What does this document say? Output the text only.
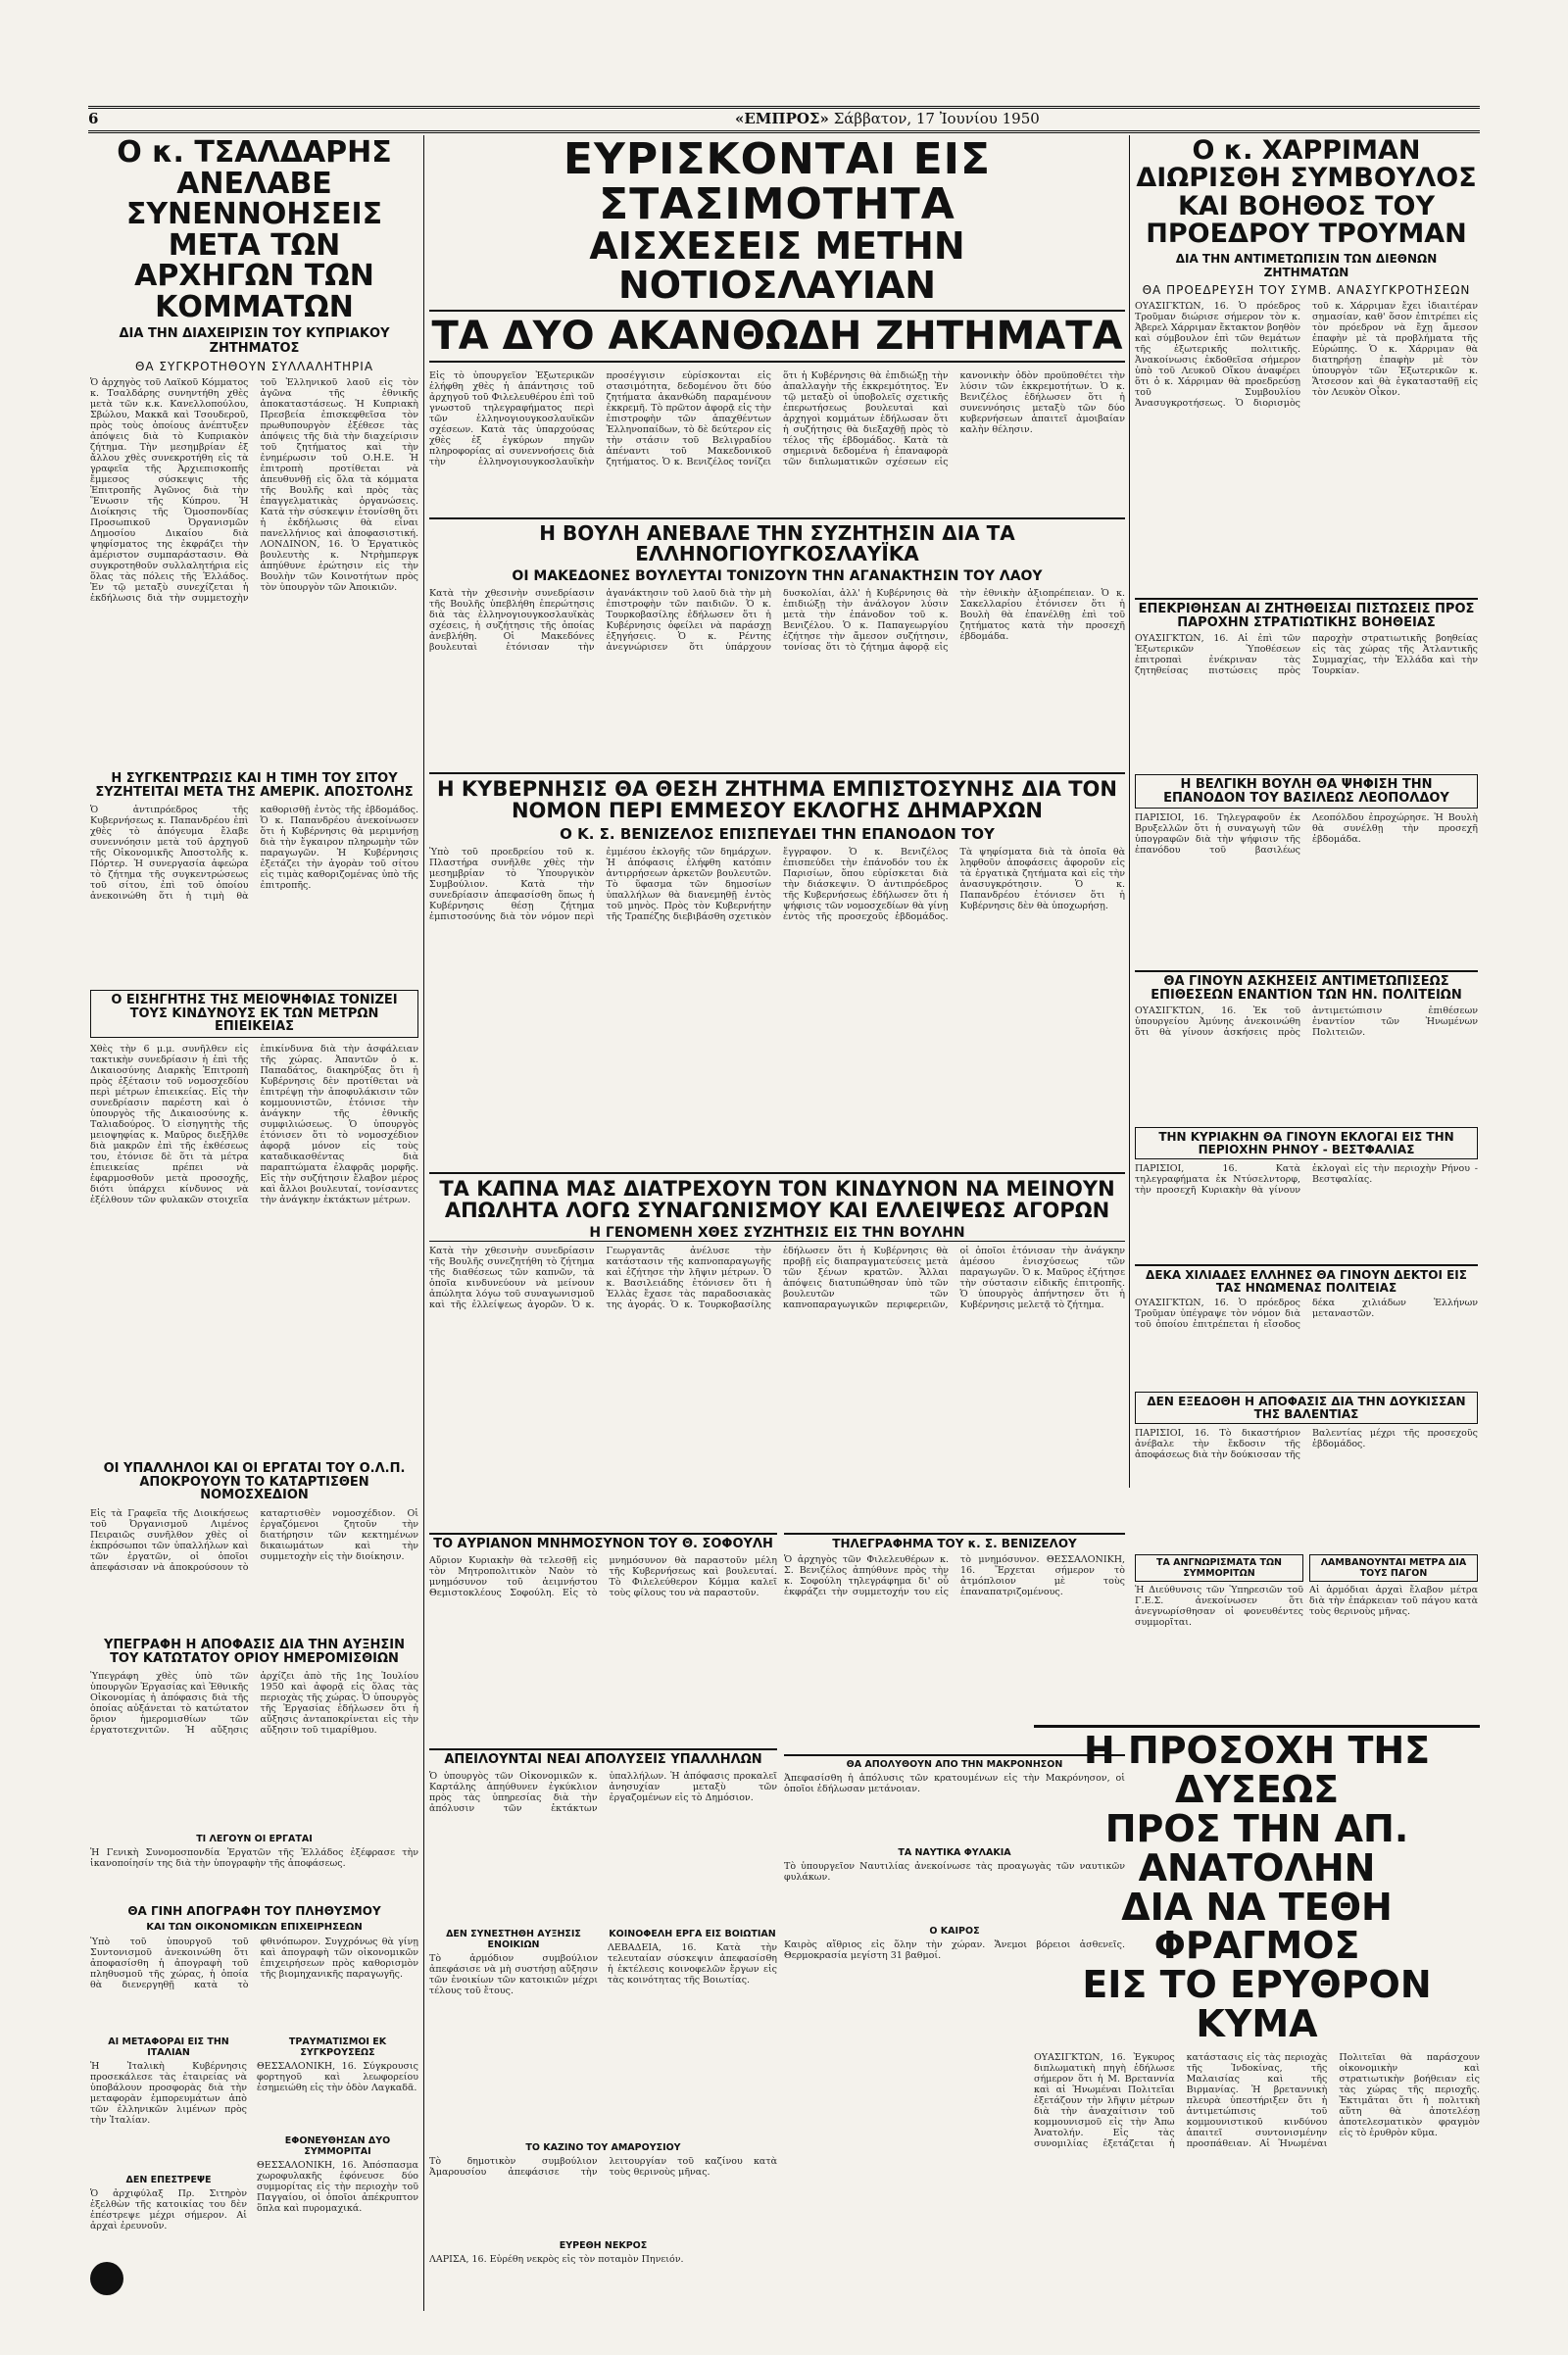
6	«ΕΜΠΡΟΣ» Σάββατον, 17 Ἰουνίου 1950
Ο κ. ΤΣΑΛΔΑΡΗΣ ΑΝΕΛΑΒΕ ΣΥΝΕΝΝΟΗΣΕΙΣ ΜΕΤΑ ΤΩΝ ΑΡΧΗΓΩΝ ΤΩΝ ΚΟΜΜΑΤΩΝ
ΔΙΑ ΤΗΝ ΔΙΑΧΕΙΡΙΣΙΝ ΤΟΥ ΚΥΠΡΙΑΚΟΥ ΖΗΤΗΜΑΤΟΣ
ΘΑ ΣΥΓΚΡΟΤΗΘΟΥΝ ΣΥΛΛΑΛΗΤΗΡΙΑ

Ὁ ἀρχηγὸς τοῦ Λαϊκοῦ Κόμματος κ. Τσαλδάρης συνηντήθη χθὲς μετὰ τῶν κ.κ. Κανελλοπούλου, Σβώλου, Μακκᾶ καὶ Τσουδεροῦ, πρὸς τοὺς ὁποίους ἀνέπτυξεν ἀπόψεις διὰ τὸ Κυπριακὸν ζήτημα. Τὴν μεσημβρίαν ἐξ ἄλλου χθὲς συνεκροτήθη εἰς τὰ γραφεῖα τῆς Ἀρχιεπισκοπῆς ἔμμεσος σύσκεψις τῆς Ἐπιτροπῆς Ἀγῶνος διὰ τὴν Ἕνωσιν τῆς Κύπρου. Ἡ Διοίκησις τῆς Ὁμοσπονδίας Προσωπικοῦ Ὀργανισμῶν Δημοσίου Δικαίου διὰ ψηφίσματος της ἐκφράζει τὴν ἀμέριστον συμπαράστασιν. Θὰ συγκροτηθοῦν συλλαλητήρια εἰς ὅλας τὰς πόλεις τῆς Ἑλλάδος. Ἐν τῷ μεταξὺ συνεχίζεται ἡ ἐκδήλωσις διὰ τὴν συμμετοχὴν τοῦ Ἑλληνικοῦ λαοῦ εἰς τὸν ἀγῶνα τῆς ἐθνικῆς ἀποκαταστάσεως. Ἡ Κυπριακὴ Πρεσβεία ἐπισκεφθεῖσα τὸν πρωθυπουργὸν ἐξέθεσε τὰς ἀπόψεις τῆς διὰ τὴν διαχείρισιν τοῦ ζητήματος καὶ τὴν ἐνημέρωσιν τοῦ Ο.Η.Ε. Ἡ ἐπιτροπὴ προτίθεται νὰ ἀπευθυνθῇ εἰς ὅλα τὰ κόμματα τῆς Βουλῆς καὶ πρὸς τὰς ἐπαγγελματικὰς ὀργανώσεις. Κατὰ τὴν σύσκεψιν ἐτονίσθη ὅτι ἡ ἐκδήλωσις θὰ εἶναι πανελλήνιος καὶ ἀποφασιστική. ΛΟΝΔΙΝΟΝ, 16. Ὁ Ἐργατικὸς βουλευτὴς κ. Ντρὴμπεργκ ἀπηύθυνε ἐρώτησιν εἰς τὴν Βουλὴν τῶν Κοινοτήτων πρὸς τὸν ὑπουργὸν τῶν Ἀποικιῶν.

Η ΣΥΓΚΕΝΤΡΩΣΙΣ ΚΑΙ Η ΤΙΜΗ ΤΟΥ ΣΙΤΟΥ ΣΥΖΗΤΕΙΤΑΙ ΜΕΤΑ ΤΗΣ ΑΜΕΡΙΚ. ΑΠΟΣΤΟΛΗΣ

Ὁ ἀντιπρόεδρος τῆς Κυβερνήσεως κ. Παπανδρέου ἐπὶ χθὲς τὸ ἀπόγευμα ἔλαβε συνεννόησιν μετὰ τοῦ ἀρχηγοῦ τῆς Οἰκονομικῆς Ἀποστολῆς κ. Πόρτερ. Ἡ συνεργασία ἀφεώρα τὸ ζήτημα τῆς συγκεντρώσεως τοῦ σίτου, ἐπὶ τοῦ ὁποίου ἀνεκοινώθη ὅτι ἡ τιμὴ θὰ καθορισθῇ ἐντὸς τῆς ἑβδομάδος. Ὁ κ. Παπανδρέου ἀνεκοίνωσεν ὅτι ἡ Κυβέρνησις θὰ μεριμνήσῃ διὰ τὴν ἔγκαιρον πληρωμὴν τῶν παραγωγῶν. Ἡ Κυβέρνησις ἐξετάζει τὴν ἀγορὰν τοῦ σίτου εἰς τιμὰς καθοριζομένας ὑπὸ τῆς ἐπιτροπῆς.

Ο ΕΙΣΗΓΗΤΗΣ ΤΗΣ ΜΕΙΟΨΗΦΙΑΣ ΤΟΝΙΖΕΙ ΤΟΥΣ ΚΙΝΔΥΝΟΥΣ ΕΚ ΤΩΝ ΜΕΤΡΩΝ ΕΠΙΕΙΚΕΙΑΣ

Χθὲς τὴν 6 μ.μ. συνῆλθεν εἰς τακτικὴν συνεδρίασιν ἡ ἐπὶ τῆς Δικαιοσύνης Διαρκὴς Ἐπιτροπὴ πρὸς ἐξέτασιν τοῦ νομοσχεδίου περὶ μέτρων ἐπιεικείας. Εἰς τὴν συνεδρίασιν παρέστη καὶ ὁ ὑπουργὸς τῆς Δικαιοσύνης κ. Ταλιαδούρος. Ὁ εἰσηγητὴς τῆς μειοψηφίας κ. Μαῦρος διεξῆλθε διὰ μακρῶν ἐπὶ τῆς ἐκθέσεως του, ἐτόνισε δὲ ὅτι τὰ μέτρα ἐπιεικείας πρέπει νὰ ἐφαρμοσθοῦν μετὰ προσοχῆς, διότι ὑπάρχει κίνδυνος νὰ ἐξέλθουν τῶν φυλακῶν στοιχεῖα ἐπικίνδυνα διὰ τὴν ἀσφάλειαν τῆς χώρας. Ἀπαντῶν ὁ κ. Παπαδάτος, διακηρύξας ὅτι ἡ Κυβέρνησις δὲν προτίθεται νὰ ἐπιτρέψῃ τὴν ἀποφυλάκισιν τῶν κομμουνιστῶν, ἐτόνισε τὴν ἀνάγκην τῆς ἐθνικῆς συμφιλιώσεως. Ὁ ὑπουργὸς ἐτόνισεν ὅτι τὸ νομοσχέδιον ἀφορᾷ μόνον εἰς τοὺς καταδικασθέντας διὰ παραπτώματα ἐλαφρᾶς μορφῆς. Εἰς τὴν συζήτησιν ἔλαβον μέρος καὶ ἄλλοι βουλευταί, τονίσαντες τὴν ἀνάγκην ἐκτάκτων μέτρων.

ΟΙ ΥΠΑΛΛΗΛΟΙ ΚΑΙ ΟΙ ΕΡΓΑΤΑΙ ΤΟΥ Ο.Λ.Π. ΑΠΟΚΡΟΥΟΥΝ ΤΟ ΚΑΤΑΡΤΙΣΘΕΝ ΝΟΜΟΣΧΕΔΙΟΝ

Εἰς τὰ Γραφεῖα τῆς Διοικήσεως τοῦ Ὀργανισμοῦ Λιμένος Πειραιῶς συνῆλθον χθὲς οἱ ἐκπρόσωποι τῶν ὑπαλλήλων καὶ τῶν ἐργατῶν, οἱ ὁποῖοι ἀπεφάσισαν νὰ ἀποκρούσουν τὸ καταρτισθὲν νομοσχέδιον. Οἱ ἐργαζόμενοι ζητοῦν τὴν διατήρησιν τῶν κεκτημένων δικαιωμάτων καὶ τὴν συμμετοχὴν εἰς τὴν διοίκησιν.

ΥΠΕΓΡΑΦΗ Η ΑΠΟΦΑΣΙΣ ΔΙΑ ΤΗΝ ΑΥΞΗΣΙΝ ΤΟΥ ΚΑΤΩΤΑΤΟΥ ΟΡΙΟΥ ΗΜΕΡΟΜΙΣΘΙΩΝ

Ὑπεγράφη χθὲς ὑπὸ τῶν ὑπουργῶν Ἐργασίας καὶ Ἐθνικῆς Οἰκονομίας ἡ ἀπόφασις διὰ τῆς ὁποίας αὐξάνεται τὸ κατώτατον ὅριον ἡμερομισθίων τῶν ἐργατοτεχνιτῶν. Ἡ αὔξησις ἀρχίζει ἀπὸ τῆς 1ης Ἰουλίου 1950 καὶ ἀφορᾷ εἰς ὅλας τὰς περιοχὰς τῆς χώρας. Ὁ ὑπουργὸς τῆς Ἐργασίας ἐδήλωσεν ὅτι ἡ αὔξησις ἀνταποκρίνεται εἰς τὴν αὔξησιν τοῦ τιμαρίθμου.

ΤΙ ΛΕΓΟΥΝ ΟΙ ΕΡΓΑΤΑΙ

Ἡ Γενικὴ Συνομοσπονδία Ἐργατῶν τῆς Ἑλλάδος ἐξέφρασε τὴν ἱκανοποίησίν της διὰ τὴν ὑπογραφὴν τῆς ἀποφάσεως.

ΘΑ ΓΙΝΗ ΑΠΟΓΡΑΦΗ ΤΟΥ ΠΛΗΘΥΣΜΟΥ
ΚΑΙ ΤΩΝ ΟΙΚΟΝΟΜΙΚΩΝ ΕΠΙΧΕΙΡΗΣΕΩΝ

Ὑπὸ τοῦ ὑπουργοῦ τοῦ Συντονισμοῦ ἀνεκοινώθη ὅτι ἀποφασίσθη ἡ ἀπογραφὴ τοῦ πληθυσμοῦ τῆς χώρας, ἡ ὁποία θὰ διενεργηθῇ κατὰ τὸ φθινόπωρον. Συγχρόνως θὰ γίνῃ καὶ ἀπογραφὴ τῶν οἰκονομικῶν ἐπιχειρήσεων πρὸς καθορισμὸν τῆς βιομηχανικῆς παραγωγῆς.

ΑΙ ΜΕΤΑΦΟΡΑΙ ΕΙΣ ΤΗΝ ΙΤΑΛΙΑΝ

Ἡ Ἰταλικὴ Κυβέρνησις προσεκάλεσε τὰς ἐταιρείας νὰ ὑποβάλουν προσφορὰς διὰ τὴν μεταφορὰν ἐμπορευμάτων ἀπὸ τῶν ἑλληνικῶν λιμένων πρὸς τὴν Ἰταλίαν.

ΔΕΝ ΕΠΕΣΤΡΕΨΕ

Ὁ ἀρχιφύλαξ Πρ. Σιτηρὸν ἐξελθὼν τῆς κατοικίας του δὲν ἐπέστρεψε μέχρι σήμερον. Αἱ ἀρχαὶ ἐρευνοῦν.

ΤΡΑΥΜΑΤΙΣΜΟΙ ΕΚ ΣΥΓΚΡΟΥΣΕΩΣ

ΘΕΣΣΑΛΟΝΙΚΗ, 16. Σύγκρουσις φορτηγοῦ καὶ λεωφορείου ἐσημειώθη εἰς τὴν ὁδὸν Λαγκαδᾶ.

ΕΦΟΝΕΥΘΗΣΑΝ ΔΥΟ ΣΥΜΜΟΡΙΤΑΙ

ΘΕΣΣΑΛΟΝΙΚΗ, 16. Ἀπόσπασμα χωροφυλακῆς ἐφόνευσε δύο συμμορίτας εἰς τὴν περιοχὴν τοῦ Παγγαίου, οἱ ὁποῖοι ἀπέκρυπτον ὅπλα καὶ πυρομαχικά.

ΕΥΡΙΣΚΟΝΤΑΙ ΕΙΣ ΣΤΑΣΙΜΟΤΗΤΑ
ΑΙΣΧΕΣΕΙΣ ΜΕΤΗΝ ΝΟΤΙΟΣΛΑΥΙΑΝ
ΤΑ ΔΥΟ ΑΚΑΝΘΩΔΗ ΖΗΤΗΜΑΤΑ

Εἰς τὸ ὑπουργεῖον Ἐξωτερικῶν ἐλήφθη χθὲς ἡ ἀπάντησις τοῦ ἀρχηγοῦ τοῦ Φιλελευθέρου ἐπὶ τοῦ γνωστοῦ τηλεγραφήματος περὶ τῶν ἑλληνογιουγκοσλαυϊκῶν σχέσεων. Κατὰ τὰς ὑπαρχούσας χθὲς ἐξ ἐγκύρων πηγῶν πληροφορίας αἱ συνεννοήσεις διὰ τὴν ἑλληνογιουγκοσλαυϊκὴν προσέγγισιν εὑρίσκονται εἰς στασιμότητα, δεδομένου ὅτι δύο ζητήματα ἀκανθώδη παραμένουν ἐκκρεμῆ. Τὸ πρῶτον ἀφορᾷ εἰς τὴν ἐπιστροφὴν τῶν ἀπαχθέντων Ἑλληνοπαίδων, τὸ δὲ δεύτερον εἰς τὴν στάσιν τοῦ Βελιγραδίου ἀπέναντι τοῦ Μακεδονικοῦ ζητήματος. Ὁ κ. Βενιζέλος τονίζει ὅτι ἡ Κυβέρνησις θὰ ἐπιδιώξῃ τὴν ἀπαλλαγὴν τῆς ἐκκρεμότητος. Ἐν τῷ μεταξὺ οἱ ὑποβολεῖς σχετικῆς ἐπερωτήσεως βουλευταὶ καὶ ἀρχηγοὶ κομμάτων ἐδήλωσαν ὅτι ἡ συζήτησις θὰ διεξαχθῇ πρὸς τὸ τέλος τῆς ἑβδομάδος. Κατὰ τὰ σημερινὰ δεδομένα ἡ ἐπαναφορὰ τῶν διπλωματικῶν σχέσεων εἰς κανονικὴν ὁδὸν προϋποθέτει τὴν λύσιν τῶν ἐκκρεμοτήτων. Ὁ κ. Βενιζέλος ἐδήλωσεν ὅτι ἡ συνεννόησις μεταξὺ τῶν δύο κυβερνήσεων ἀπαιτεῖ ἀμοιβαίαν καλὴν θέλησιν.

Η ΒΟΥΛΗ ΑΝΕΒΑΛΕ ΤΗΝ ΣΥΖΗΤΗΣΙΝ ΔΙΑ ΤΑ ΕΛΛΗΝΟΓΙΟΥΓΚΟΣΛΑΥΪΚΑ
ΟΙ ΜΑΚΕΔΟΝΕΣ ΒΟΥΛΕΥΤΑΙ ΤΟΝΙΖΟΥΝ ΤΗΝ ΑΓΑΝΑΚΤΗΣΙΝ ΤΟΥ ΛΑΟΥ

Κατὰ τὴν χθεσινὴν συνεδρίασιν τῆς Βουλῆς ὑπεβλήθη ἐπερώτησις διὰ τὰς ἑλληνογιουγκοσλαυϊκὰς σχέσεις, ἡ συζήτησις τῆς ὁποίας ἀνεβλήθη. Οἱ Μακεδόνες βουλευταὶ ἐτόνισαν τὴν ἀγανάκτησιν τοῦ λαοῦ διὰ τὴν μὴ ἐπιστροφὴν τῶν παιδιῶν. Ὁ κ. Τουρκοβασίλης ἐδήλωσεν ὅτι ἡ Κυβέρνησις ὀφείλει νὰ παράσχῃ ἐξηγήσεις. Ὁ κ. Ρέντης ἀνεγνώρισεν ὅτι ὑπάρχουν δυσκολίαι, ἀλλ' ἡ Κυβέρνησις θὰ ἐπιδιώξῃ τὴν ἀνάλογον λύσιν μετὰ τὴν ἐπάνοδον τοῦ κ. Βενιζέλου. Ὁ κ. Παπαγεωργίου ἐζήτησε τὴν ἄμεσον συζήτησιν, τονίσας ὅτι τὸ ζήτημα ἀφορᾷ εἰς τὴν ἐθνικὴν ἀξιοπρέπειαν. Ὁ κ. Σακελλαρίου ἐτόνισεν ὅτι ἡ Βουλὴ θὰ ἐπανέλθῃ ἐπὶ τοῦ ζητήματος κατὰ τὴν προσεχῆ ἑβδομάδα.

Η ΚΥΒΕΡΝΗΣΙΣ ΘΑ ΘΕΣΗ ΖΗΤΗΜΑ ΕΜΠΙΣΤΟΣΥΝΗΣ ΔΙΑ ΤΟΝ ΝΟΜΟΝ ΠΕΡΙ ΕΜΜΕΣΟΥ ΕΚΛΟΓΗΣ ΔΗΜΑΡΧΩΝ
Ο Κ. Σ. ΒΕΝΙΖΕΛΟΣ ΕΠΙΣΠΕΥΔΕΙ ΤΗΝ ΕΠΑΝΟΔΟΝ ΤΟΥ

Ὑπὸ τοῦ προεδρείου τοῦ κ. Πλαστήρα συνῆλθε χθὲς τὴν μεσημβρίαν τὸ Ὑπουργικὸν Συμβούλιον. Κατὰ τὴν συνεδρίασιν ἀπεφασίσθη ὅπως ἡ Κυβέρνησις θέσῃ ζήτημα ἐμπιστοσύνης διὰ τὸν νόμον περὶ ἐμμέσου ἐκλογῆς τῶν δημάρχων. Ἡ ἀπόφασις ἐλήφθη κατόπιν ἀντιρρήσεων ἀρκετῶν βουλευτῶν. Τὸ ὕφασμα τῶν δημοσίων ὑπαλλήλων θὰ διανεμηθῇ ἐντὸς τοῦ μηνὸς. Πρὸς τὸν Κυβερνήτην τῆς Τραπέζης διεβιβάσθη σχετικὸν ἔγγραφον. Ὁ κ. Βενιζέλος ἐπισπεύδει τὴν ἐπάνοδόν του ἐκ Παρισίων, ὅπου εὑρίσκεται διὰ τὴν διάσκεψιν. Ὁ ἀντιπρόεδρος τῆς Κυβερνήσεως ἐδήλωσεν ὅτι ἡ ψήφισις τῶν νομοσχεδίων θὰ γίνῃ ἐντὸς τῆς προσεχοῦς ἑβδομάδος. Τὰ ψηφίσματα διὰ τὰ ὁποῖα θὰ ληφθοῦν ἀποφάσεις ἀφοροῦν εἰς τὰ ἐργατικὰ ζητήματα καὶ εἰς τὴν ἀνασυγκρότησιν. Ὁ κ. Παπανδρέου ἐτόνισεν ὅτι ἡ Κυβέρνησις δὲν θὰ ὑποχωρήσῃ.

ΤΑ ΚΑΠΝΑ ΜΑΣ ΔΙΑΤΡΕΧΟΥΝ ΤΟΝ ΚΙΝΔΥΝΟΝ ΝΑ ΜΕΙΝΟΥΝ ΑΠΩΛΗΤΑ ΛΟΓΩ ΣΥΝΑΓΩΝΙΣΜΟΥ ΚΑΙ ΕΛΛΕΙΨΕΩΣ ΑΓΟΡΩΝ
Η ΓΕΝΟΜΕΝΗ ΧΘΕΣ ΣΥΖΗΤΗΣΙΣ ΕΙΣ ΤΗΝ ΒΟΥΛΗΝ

Κατὰ τὴν χθεσινὴν συνεδρίασιν τῆς Βουλῆς συνεζητήθη τὸ ζήτημα τῆς διαθέσεως τῶν καπνῶν, τὰ ὁποῖα κινδυνεύουν νὰ μείνουν ἀπώλητα λόγω τοῦ συναγωνισμοῦ καὶ τῆς ἐλλείψεως ἀγορῶν. Ὁ κ. Γεωργαντᾶς ἀνέλυσε τὴν κατάστασιν τῆς καπνοπαραγωγῆς καὶ ἐζήτησε τὴν λῆψιν μέτρων. Ὁ κ. Βασιλειάδης ἐτόνισεν ὅτι ἡ Ἑλλὰς ἔχασε τὰς παραδοσιακὰς της ἀγοράς. Ὁ κ. Τουρκοβασίλης ἐδήλωσεν ὅτι ἡ Κυβέρνησις θὰ προβῇ εἰς διαπραγματεύσεις μετὰ τῶν ξένων κρατῶν. Ἄλλαι ἀπόψεις διατυπώθησαν ὑπὸ τῶν βουλευτῶν τῶν καπνοπαραγωγικῶν περιφερειῶν, οἱ ὁποῖοι ἐτόνισαν τὴν ἀνάγκην ἀμέσου ἐνισχύσεως τῶν παραγωγῶν. Ὁ κ. Μαῦρος ἐζήτησε τὴν σύστασιν εἰδικῆς ἐπιτροπῆς. Ὁ ὑπουργὸς ἀπήντησεν ὅτι ἡ Κυβέρνησις μελετᾷ τὸ ζήτημα.

ΤΟ ΑΥΡΙΑΝΟΝ ΜΝΗΜΟΣΥΝΟΝ ΤΟΥ Θ. ΣΟΦΟΥΛΗ

Αὔριον Κυριακὴν θὰ τελεσθῇ εἰς τὸν Μητροπολιτικὸν Ναὸν τὸ μνημόσυνον τοῦ ἀειμνήστου Θεμιστοκλέους Σοφούλη. Εἰς τὸ μνημόσυνον θὰ παραστοῦν μέλη τῆς Κυβερνήσεως καὶ βουλευταί. Τὸ Φιλελεύθερον Κόμμα καλεῖ τοὺς φίλους του νὰ παραστοῦν.

ΤΗΛΕΓΡΑΦΗΜΑ ΤΟΥ κ. Σ. ΒΕΝΙΖΕΛΟΥ

Ὁ ἀρχηγὸς τῶν Φιλελευθέρων κ. Σ. Βενιζέλος ἀπηύθυνε πρὸς τὴν κ. Σοφούλη τηλεγράφημα δι' οὗ ἐκφράζει τὴν συμμετοχήν του εἰς τὸ μνημόσυνον. ΘΕΣΣΑΛΟΝΙΚΗ, 16. Ἔρχεται σήμερον τὸ ἀτμόπλοιον μὲ τοὺς ἐπαναπατριζομένους.

ΑΠΕΙΛΟΥΝΤΑΙ ΝΕΑΙ ΑΠΟΛΥΣΕΙΣ ΥΠΑΛΛΗΛΩΝ

Ὁ ὑπουργὸς τῶν Οἰκονομικῶν κ. Καρτάλης ἀπηύθυνεν ἐγκύκλιον πρὸς τὰς ὑπηρεσίας διὰ τὴν ἀπόλυσιν τῶν ἐκτάκτων ὑπαλλήλων. Ἡ ἀπόφασις προκαλεῖ ἀνησυχίαν μεταξὺ τῶν ἐργαζομένων εἰς τὸ Δημόσιον.

ΔΕΝ ΣΥΝΕΣΤΗΘΗ ΑΥΞΗΣΙΣ ΕΝΟΙΚΙΩΝ

Τὸ ἁρμόδιον συμβούλιον ἀπεφάσισε νὰ μὴ συστήσῃ αὔξησιν τῶν ἐνοικίων τῶν κατοικιῶν μέχρι τέλους τοῦ ἔτους.

ΚΟΙΝΟΦΕΛΗ ΕΡΓΑ ΕΙΣ ΒΟΙΩΤΙΑΝ

ΛΕΒΑΔΕΙΑ, 16. Κατὰ τὴν τελευταίαν σύσκεψιν ἀπεφασίσθη ἡ ἐκτέλεσις κοινοφελῶν ἔργων εἰς τὰς κοινότητας τῆς Βοιωτίας.

ΤΟ ΚΑΖΙΝΟ ΤΟΥ ΑΜΑΡΟΥΣΙΟΥ

Τὸ δημοτικὸν συμβούλιον Ἀμαρουσίου ἀπεφάσισε τὴν λειτουργίαν τοῦ καζίνου κατὰ τοὺς θερινοὺς μῆνας.

ΕΥΡΕΘΗ ΝΕΚΡΟΣ

ΛΑΡΙΣΑ, 16. Εὑρέθη νεκρὸς εἰς τὸν ποταμὸν Πηνειόν.

ΘΑ ΑΠΟΛΥΘΟΥΝ ΑΠΟ ΤΗΝ ΜΑΚΡΟΝΗΣΟΝ

Ἀπεφασίσθη ἡ ἀπόλυσις τῶν κρατουμένων εἰς τὴν Μακρόνησον, οἱ ὁποῖοι ἐδήλωσαν μετάνοιαν.

ΤΑ ΝΑΥΤΙΚΑ ΦΥΛΑΚΙΑ

Τὸ ὑπουργεῖον Ναυτιλίας ἀνεκοίνωσε τὰς προαγωγὰς τῶν ναυτικῶν φυλάκων.

Ο ΚΑΙΡΟΣ

Καιρὸς αἴθριος εἰς ὅλην τὴν χώραν. Ἄνεμοι βόρειοι ἀσθενεῖς. Θερμοκρασία μεγίστη 31 βαθμοί.

Ο κ. ΧΑΡΡΙΜΑΝ ΔΙΩΡΙΣΘΗ ΣΥΜΒΟΥΛΟΣ ΚΑΙ ΒΟΗΘΟΣ ΤΟΥ ΠΡΟΕΔΡΟΥ ΤΡΟΥΜΑΝ
ΔΙΑ ΤΗΝ ΑΝΤΙΜΕΤΩΠΙΣΙΝ ΤΩΝ ΔΙΕΘΝΩΝ ΖΗΤΗΜΑΤΩΝ
ΘΑ ΠΡΟΕΔΡΕΥΣΗ ΤΟΥ ΣΥΜΒ. ΑΝΑΣΥΓΚΡΟΤΗΣΕΩΝ

ΟΥΑΣΙΓΚΤΩΝ, 16. Ὁ πρόεδρος Τροῦμαν διώρισε σήμερον τὸν κ. Ἀβερελ Χάρριμαν ἔκτακτον βοηθὸν καὶ σύμβουλον ἐπὶ τῶν θεμάτων τῆς ἐξωτερικῆς πολιτικῆς. Ἀνακοίνωσις ἐκδοθεῖσα σήμερον ὑπὸ τοῦ Λευκοῦ Οἴκου ἀναφέρει ὅτι ὁ κ. Χάρριμαν θὰ προεδρεύσῃ τοῦ Συμβουλίου Ἀνασυγκροτήσεως. Ὁ διορισμὸς τοῦ κ. Χάρριμαν ἔχει ἰδιαιτέραν σημασίαν, καθ' ὅσον ἐπιτρέπει εἰς τὸν πρόεδρον νὰ ἔχῃ ἄμεσον ἐπαφὴν μὲ τὰ προβλήματα τῆς Εὐρώπης. Ὁ κ. Χάρριμαν θὰ διατηρήσῃ ἐπαφὴν μὲ τὸν ὑπουργὸν τῶν Ἐξωτερικῶν κ. Ἄτσεσον καὶ θὰ ἐγκατασταθῇ εἰς τὸν Λευκὸν Οἶκον.

ΕΠΕΚΡΙΘΗΣΑΝ ΑΙ ΖΗΤΗΘΕΙΣΑΙ ΠΙΣΤΩΣΕΙΣ ΠΡΟΣ ΠΑΡΟΧΗΝ ΣΤΡΑΤΙΩΤΙΚΗΣ ΒΟΗΘΕΙΑΣ

ΟΥΑΣΙΓΚΤΩΝ, 16. Αἱ ἐπὶ τῶν Ἐξωτερικῶν Ὑποθέσεων ἐπιτροπαὶ ἐνέκριναν τὰς ζητηθείσας πιστώσεις πρὸς παροχὴν στρατιωτικῆς βοηθείας εἰς τὰς χώρας τῆς Ἀτλαντικῆς Συμμαχίας, τὴν Ἑλλάδα καὶ τὴν Τουρκίαν.

Η ΒΕΛΓΙΚΗ ΒΟΥΛΗ ΘΑ ΨΗΦΙΣΗ ΤΗΝ ΕΠΑΝΟΔΟΝ ΤΟΥ ΒΑΣΙΛΕΩΣ ΛΕΟΠΟΛΔΟΥ

ΠΑΡΙΣΙΟΙ, 16. Τηλεγραφοῦν ἐκ Βρυξελλῶν ὅτι ἡ συναγωγὴ τῶν ὑπογραφῶν διὰ τὴν ψήφισιν τῆς ἐπανόδου τοῦ βασιλέως Λεοπόλδου ἐπροχώρησε. Ἡ Βουλὴ θὰ συνέλθῃ τὴν προσεχῆ ἑβδομάδα.

ΘΑ ΓΙΝΟΥΝ ΑΣΚΗΣΕΙΣ ΑΝΤΙΜΕΤΩΠΙΣΕΩΣ ΕΠΙΘΕΣΕΩΝ ΕΝΑΝΤΙΟΝ ΤΩΝ ΗΝ. ΠΟΛΙΤΕΙΩΝ

ΟΥΑΣΙΓΚΤΩΝ, 16. Ἐκ τοῦ ὑπουργείου Ἀμύνης ἀνεκοινώθη ὅτι θὰ γίνουν ἀσκήσεις πρὸς ἀντιμετώπισιν ἐπιθέσεων ἐναντίον τῶν Ἡνωμένων Πολιτειῶν.

ΤΗΝ ΚΥΡΙΑΚΗΝ ΘΑ ΓΙΝΟΥΝ ΕΚΛΟΓΑΙ ΕΙΣ ΤΗΝ ΠΕΡΙΟΧΗΝ ΡΗΝΟΥ - ΒΕΣΤΦΑΛΙΑΣ

ΠΑΡΙΣΙΟΙ, 16. Κατὰ τηλεγραφήματα ἐκ Ντύσελντορφ, τὴν προσεχῆ Κυριακὴν θὰ γίνουν ἐκλογαὶ εἰς τὴν περιοχὴν Ρήνου - Βεστφαλίας.

ΔΕΚΑ ΧΙΛΙΑΔΕΣ ΕΛΛΗΝΕΣ ΘΑ ΓΙΝΟΥΝ ΔΕΚΤΟΙ ΕΙΣ ΤΑΣ ΗΝΩΜΕΝΑΣ ΠΟΛΙΤΕΙΑΣ

ΟΥΑΣΙΓΚΤΩΝ, 16. Ὁ πρόεδρος Τροῦμαν ὑπέγραψε τὸν νόμον διὰ τοῦ ὁποίου ἐπιτρέπεται ἡ εἴσοδος δέκα χιλιάδων Ἑλλήνων μεταναστῶν.

ΔΕΝ ΕΞΕΔΟΘΗ Η ΑΠΟΦΑΣΙΣ ΔΙΑ ΤΗΝ ΔΟΥΚΙΣΣΑΝ ΤΗΣ ΒΑΛΕΝΤΙΑΣ

ΠΑΡΙΣΙΟΙ, 16. Τὸ δικαστήριον ἀνέβαλε τὴν ἔκδοσιν τῆς ἀποφάσεως διὰ τὴν δούκισσαν τῆς Βαλεντίας μέχρι τῆς προσεχοῦς ἑβδομάδος.

ΤΑ ΑΝΓΝΩΡΙΣΜΑΤΑ ΤΩΝ ΣΥΜΜΟΡΙΤΩΝ

Ἡ Διεύθυνσις τῶν Ὑπηρεσιῶν τοῦ Γ.Ε.Σ. ἀνεκοίνωσεν ὅτι ἀνεγνωρίσθησαν οἱ φονευθέντες συμμορῖται.

ΛΑΜΒΑΝΟΥΝΤΑΙ ΜΕΤΡΑ ΔΙΑ ΤΟΥΣ ΠΑΓΟΝ

Αἱ ἁρμόδιαι ἀρχαὶ ἔλαβον μέτρα διὰ τὴν ἐπάρκειαν τοῦ πάγου κατὰ τοὺς θερινοὺς μῆνας.

Η ΠΡΟΣΟΧΗ ΤΗΣ ΔΥΣΕΩΣ
ΠΡΟΣ ΤΗΝ ΑΠ. ΑΝΑΤΟΛΗΝ
ΔΙΑ ΝΑ ΤΕΘΗ ΦΡΑΓΜΟΣ
ΕΙΣ ΤΟ ΕΡΥΘΡΟΝ ΚΥΜΑ

ΟΥΑΣΙΓΚΤΩΝ, 16. Ἐγκυρος διπλωματικὴ πηγὴ ἐδήλωσε σήμερον ὅτι ἡ Μ. Βρεταννία καὶ αἱ Ἡνωμέναι Πολιτεῖαι ἐξετάζουν τὴν λῆψιν μέτρων διὰ τὴν ἀναχαίτισιν τοῦ κομμουνισμοῦ εἰς τὴν Ἀπω Ἀνατολήν. Εἰς τὰς συνομιλίας ἐξετάζεται ἡ κατάστασις εἰς τὰς περιοχὰς τῆς Ἰνδοκίνας, τῆς Μαλαισίας καὶ τῆς Βιρμανίας. Ἡ βρεταννικὴ πλευρὰ ὑπεστήριξεν ὅτι ἡ ἀντιμετώπισις τοῦ κομμουνιστικοῦ κινδύνου ἀπαιτεῖ συντονισμένην προσπάθειαν. Αἱ Ἡνωμέναι Πολιτεῖαι θὰ παράσχουν οἰκονομικὴν καὶ στρατιωτικὴν βοήθειαν εἰς τὰς χώρας τῆς περιοχῆς. Ἐκτιμᾶται ὅτι ἡ πολιτικὴ αὕτη θὰ ἀποτελέσῃ ἀποτελεσματικὸν φραγμὸν εἰς τὸ ἐρυθρὸν κῦμα.
